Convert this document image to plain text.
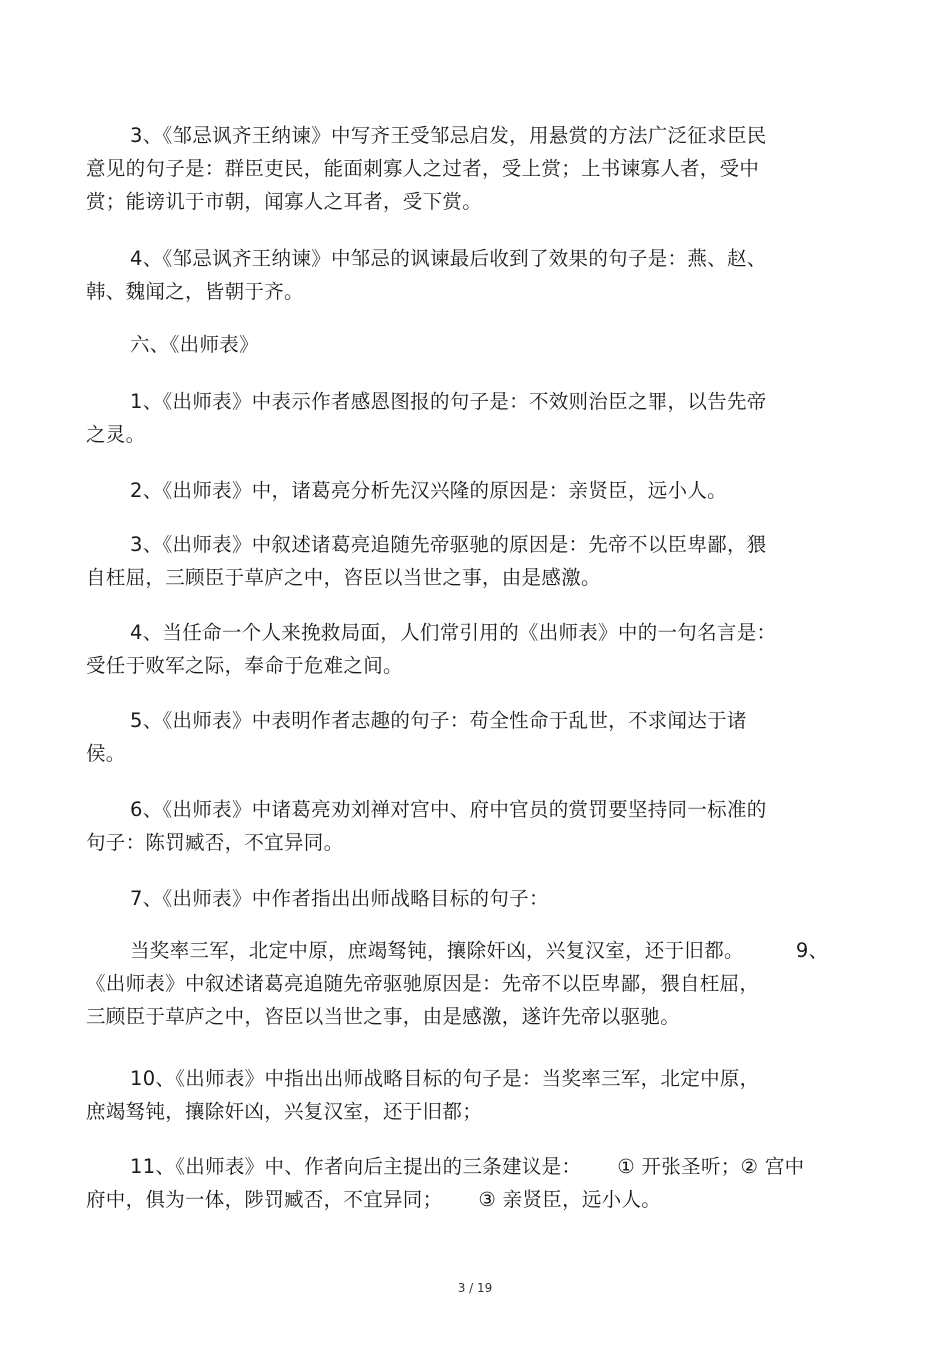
3、《邹忌讽齐王纳谏》中写齐王受邹忌启发，用悬赏的方法广泛征求臣民
意见的句子是：群臣吏民，能面刺寡人之过者，受上赏；上书谏寡人者，受中
赏；能谤讥于市朝，闻寡人之耳者，受下赏。

4、《邹忌讽齐王纳谏》中邹忌的讽谏最后收到了效果的句子是：燕、赵、
韩、魏闻之，皆朝于齐。

六、《出师表》

1、《出师表》中表示作者感恩图报的句子是：不效则治臣之罪，以告先帝
之灵。

2、《出师表》中，诸葛亮分析先汉兴隆的原因是：亲贤臣，远小人。

3、《出师表》中叙述诸葛亮追随先帝驱驰的原因是：先帝不以臣卑鄙，猥
自枉屈，三顾臣于草庐之中，咨臣以当世之事，由是感激。

4、当任命一个人来挽救局面，人们常引用的《出师表》中的一句名言是：
受任于败军之际，奉命于危难之间。

5、《出师表》中表明作者志趣的句子：苟全性命于乱世，不求闻达于诸
侯。

6、《出师表》中诸葛亮劝刘禅对宫中、府中官员的赏罚要坚持同一标准的
句子：陈罚臧否，不宜异同。

7、《出师表》中作者指出出师战略目标的句子：

当奖率三军，北定中原，庶竭驽钝，攘除奸凶，兴复汉室，还于旧都。	9、
《出师表》中叙述诸葛亮追随先帝驱驰原因是：先帝不以臣卑鄙，猥自枉屈，
三顾臣于草庐之中，咨臣以当世之事，由是感激，遂许先帝以驱驰。

10、《出师表》中指出出师战略目标的句子是：当奖率三军，北定中原，
庶竭驽钝，攘除奸凶，兴复汉室，还于旧都；

11、《出师表》中、作者向后主提出的三条建议是： ① 开张圣听；② 宫中
府中，俱为一体，陟罚臧否，不宜异同； ③ 亲贤臣，远小人。

3 / 19
